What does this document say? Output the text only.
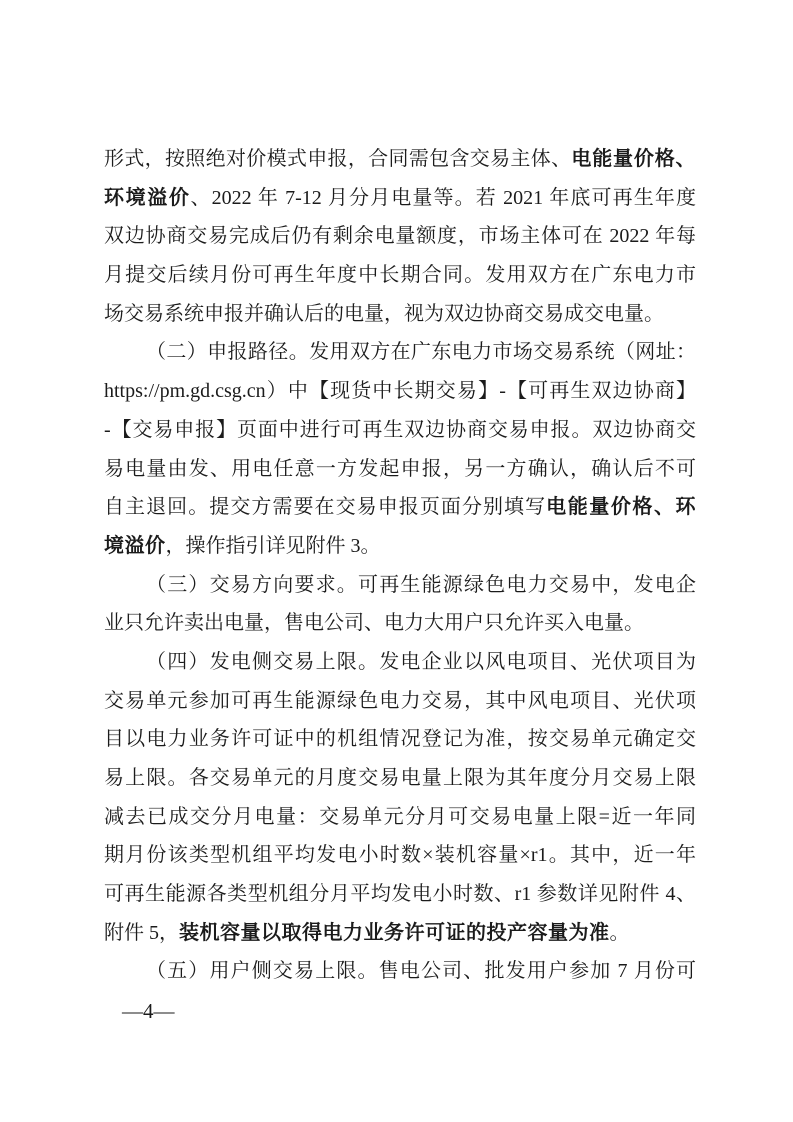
形式，按照绝对价模式申报，合同需包含交易主体、电能量价格、
环境溢价、2022 年 7-12 月分月电量等。若 2021 年底可再生年度
双边协商交易完成后仍有剩余电量额度，市场主体可在 2022 年每
月提交后续月份可再生年度中长期合同。发用双方在广东电力市
场交易系统申报并确认后的电量，视为双边协商交易成交电量。
（二）申报路径。发用双方在广东电力市场交易系统（网址：
https://pm.gd.csg.cn）中【现货中长期交易】-【可再生双边协商】
-【交易申报】页面中进行可再生双边协商交易申报。双边协商交
易电量由发、用电任意一方发起申报，另一方确认，确认后不可
自主退回。提交方需要在交易申报页面分别填写电能量价格、环
境溢价，操作指引详见附件 3。
（三）交易方向要求。可再生能源绿色电力交易中，发电企
业只允许卖出电量，售电公司、电力大用户只允许买入电量。
（四）发电侧交易上限。发电企业以风电项目、光伏项目为
交易单元参加可再生能源绿色电力交易，其中风电项目、光伏项
目以电力业务许可证中的机组情况登记为准，按交易单元确定交
易上限。各交易单元的月度交易电量上限为其年度分月交易上限
减去已成交分月电量：交易单元分月可交易电量上限=近一年同
期月份该类型机组平均发电小时数×装机容量×r1。其中，近一年
可再生能源各类型机组分月平均发电小时数、r1 参数详见附件 4、
附件 5，装机容量以取得电力业务许可证的投产容量为准。
（五）用户侧交易上限。售电公司、批发用户参加 7 月份可
—4—
